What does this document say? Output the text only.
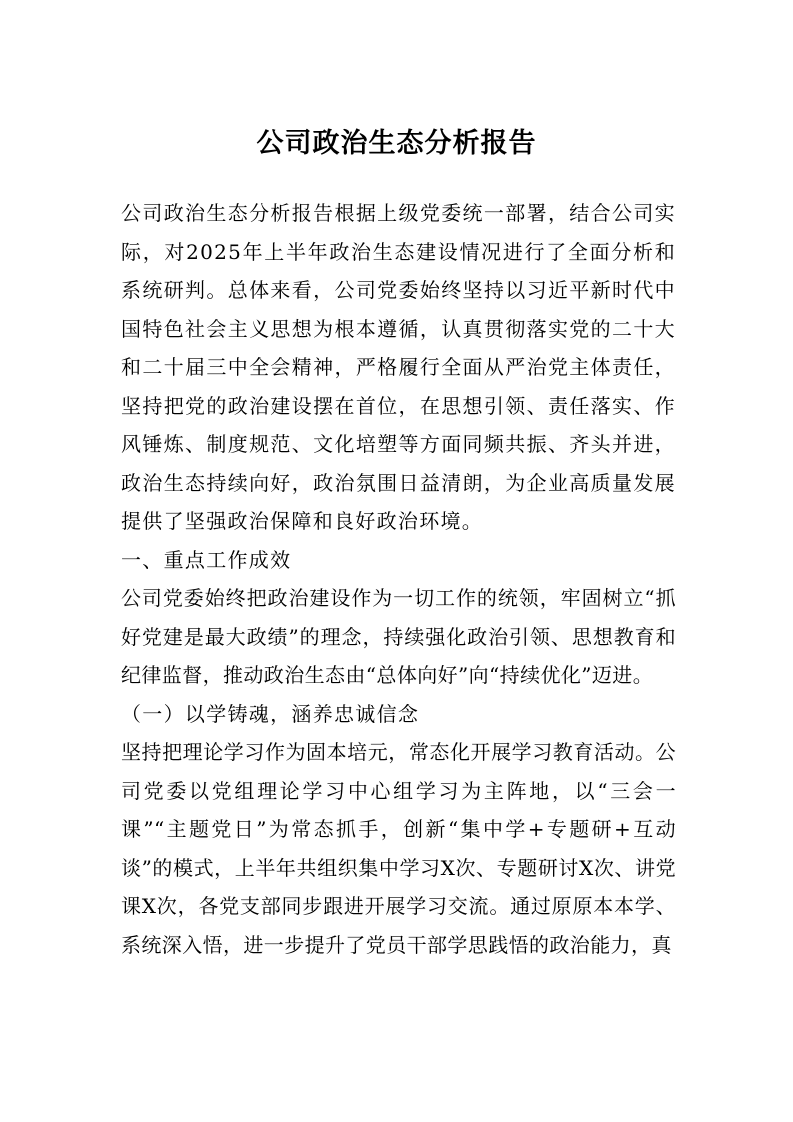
公司政治生态分析报告

公司政治生态分析报告根据上级党委统一部署，结合公司实际，对2025年上半年政治生态建设情况进行了全面分析和系统研判。总体来看，公司党委始终坚持以习近平新时代中国特色社会主义思想为根本遵循，认真贯彻落实党的二十大和二十届三中全会精神，严格履行全面从严治党主体责任，坚持把党的政治建设摆在首位，在思想引领、责任落实、作风锤炼、制度规范、文化培塑等方面同频共振、齐头并进，政治生态持续向好，政治氛围日益清朗，为企业高质量发展提供了坚强政治保障和良好政治环境。

一、重点工作成效

公司党委始终把政治建设作为一切工作的统领，牢固树立“抓好党建是最大政绩”的理念，持续强化政治引领、思想教育和纪律监督，推动政治生态由“总体向好”向“持续优化”迈进。

（一）以学铸魂，涵养忠诚信念

坚持把理论学习作为固本培元，常态化开展学习教育活动。公司党委以党组理论学习中心组学习为主阵地，以“三会一课”“主题党日”为常态抓手，创新“集中学+专题研+互动谈”的模式，上半年共组织集中学习X次、专题研讨X次、讲党课X次，各党支部同步跟进开展学习交流。通过原原本本学、系统深入悟，进一步提升了党员干部学思践悟的政治能力，真
